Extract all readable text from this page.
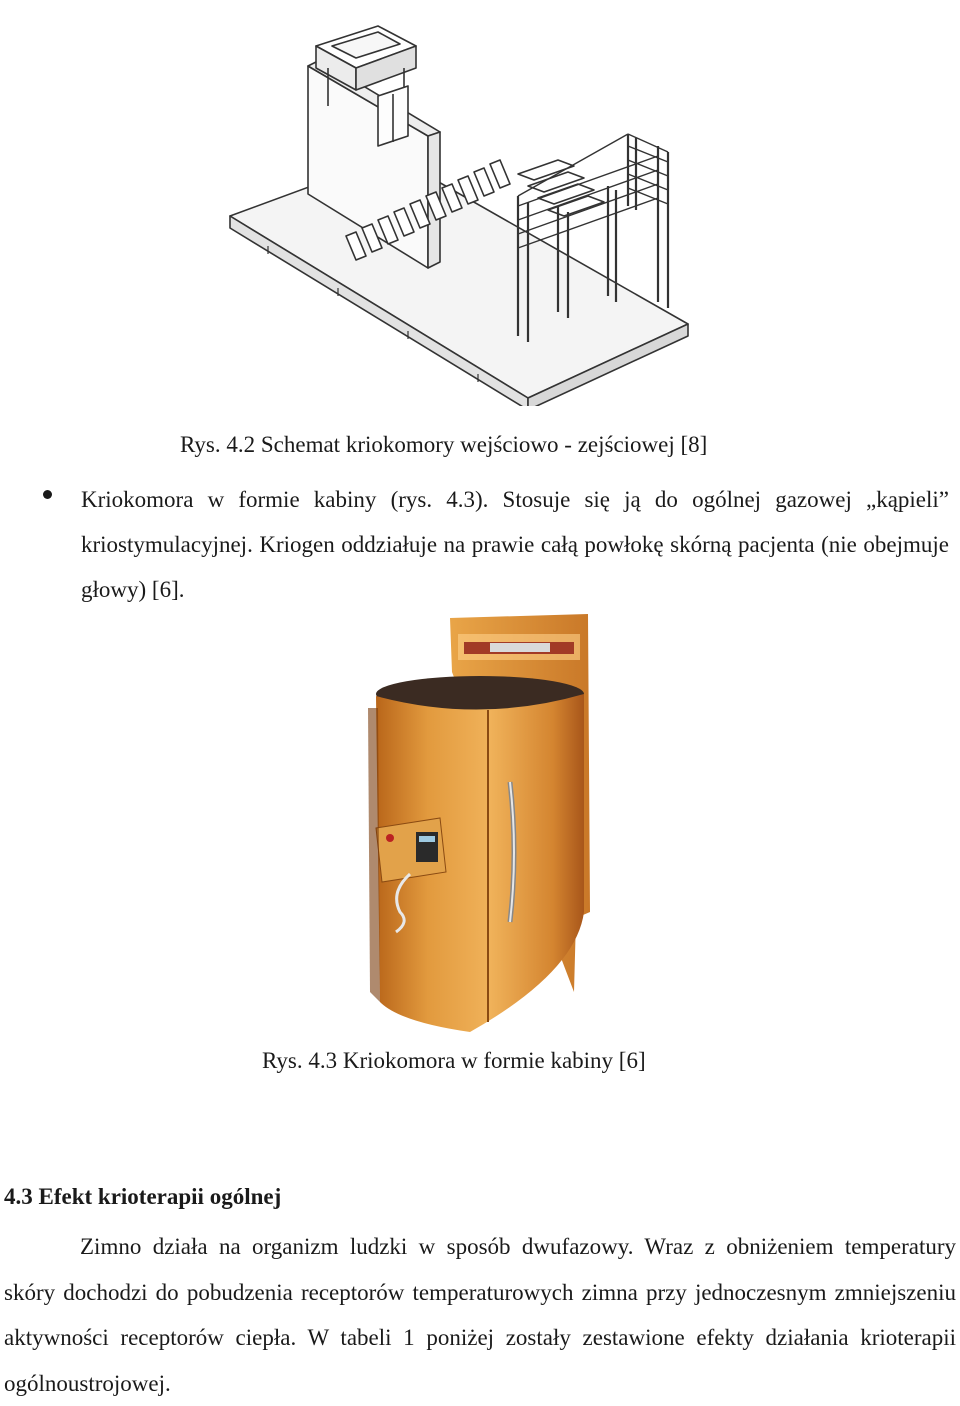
Rys. 4.2 Schemat kriokomory wejściowo - zejściowej [8]
Kriokomora w formie kabiny (rys. 4.3). Stosuje się ją do ogólnej gazowej „kąpieli” kriostymulacyjnej. Kriogen oddziałuje na prawie całą powłokę skórną pacjenta (nie obejmuje głowy) [6].
Rys. 4.3 Kriokomora w formie kabiny [6]
4.3 Efekt krioterapii ogólnej
Zimno działa na organizm ludzki w sposób dwufazowy. Wraz z obniżeniem temperatury skóry dochodzi do pobudzenia receptorów temperaturowych zimna przy jednoczesnym zmniejszeniu aktywności receptorów ciepła. W tabeli 1 poniżej zostały zestawione efekty działania krioterapii ogólnoustrojowej.
